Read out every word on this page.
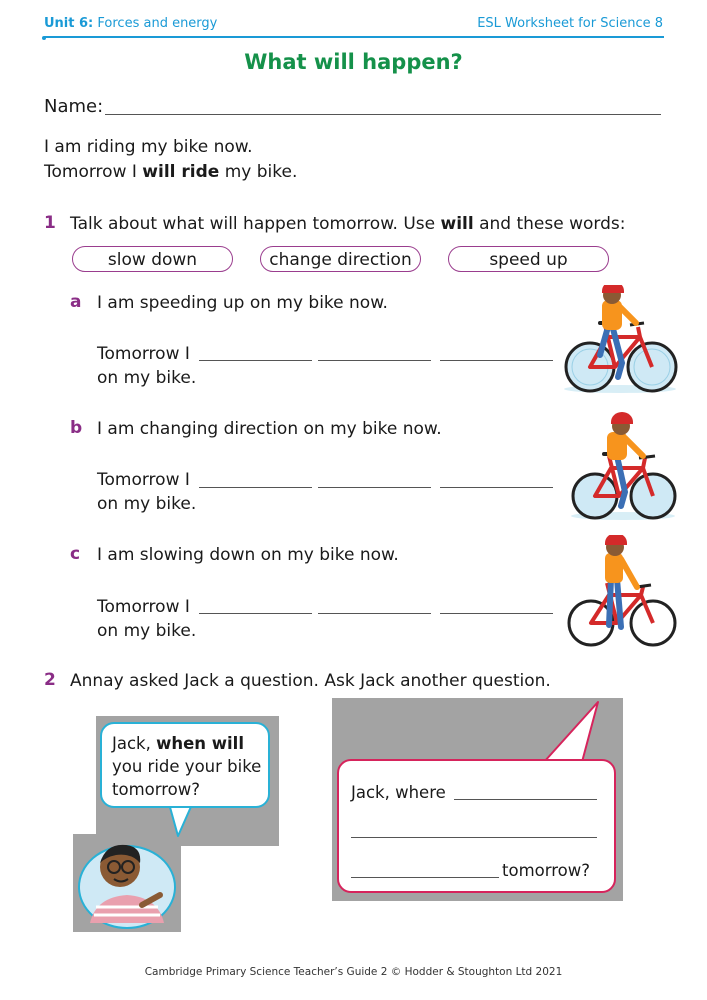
Unit 6: Forces and energy	ESL Worksheet for Science 8
What will happen?
Name:
I am riding my bike now.
Tomorrow I will ride my bike.
1 Talk about what will happen tomorrow. Use will and these words:
slow down	change direction	speed up
a I am speeding up on my bike now.
Tomorrow I
on my bike.
b I am changing direction on my bike now.
Tomorrow I
on my bike.
c I am slowing down on my bike now.
Tomorrow I
on my bike.
2 Annay asked Jack a question. Ask Jack another question.
Jack, when will
you ride your bike
tomorrow?	Jack, where
tomorrow?
Cambridge Primary Science Teacher’s Guide 2 © Hodder & Stoughton Ltd 2021
